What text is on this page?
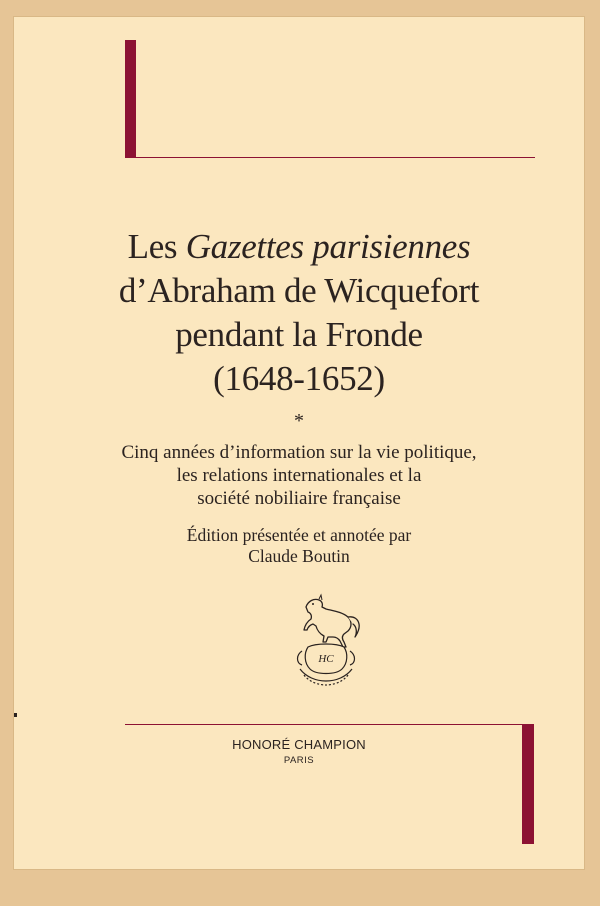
Les Gazettes parisiennes
d’Abraham de Wicquefort
pendant la Fronde
(1648-1652)
*
Cinq années d’information sur la vie politique,
les relations internationales et la
société nobiliaire française
Édition présentée et annotée par
Claude Boutin
HC
HONORÉ CHAMPION
PARIS
